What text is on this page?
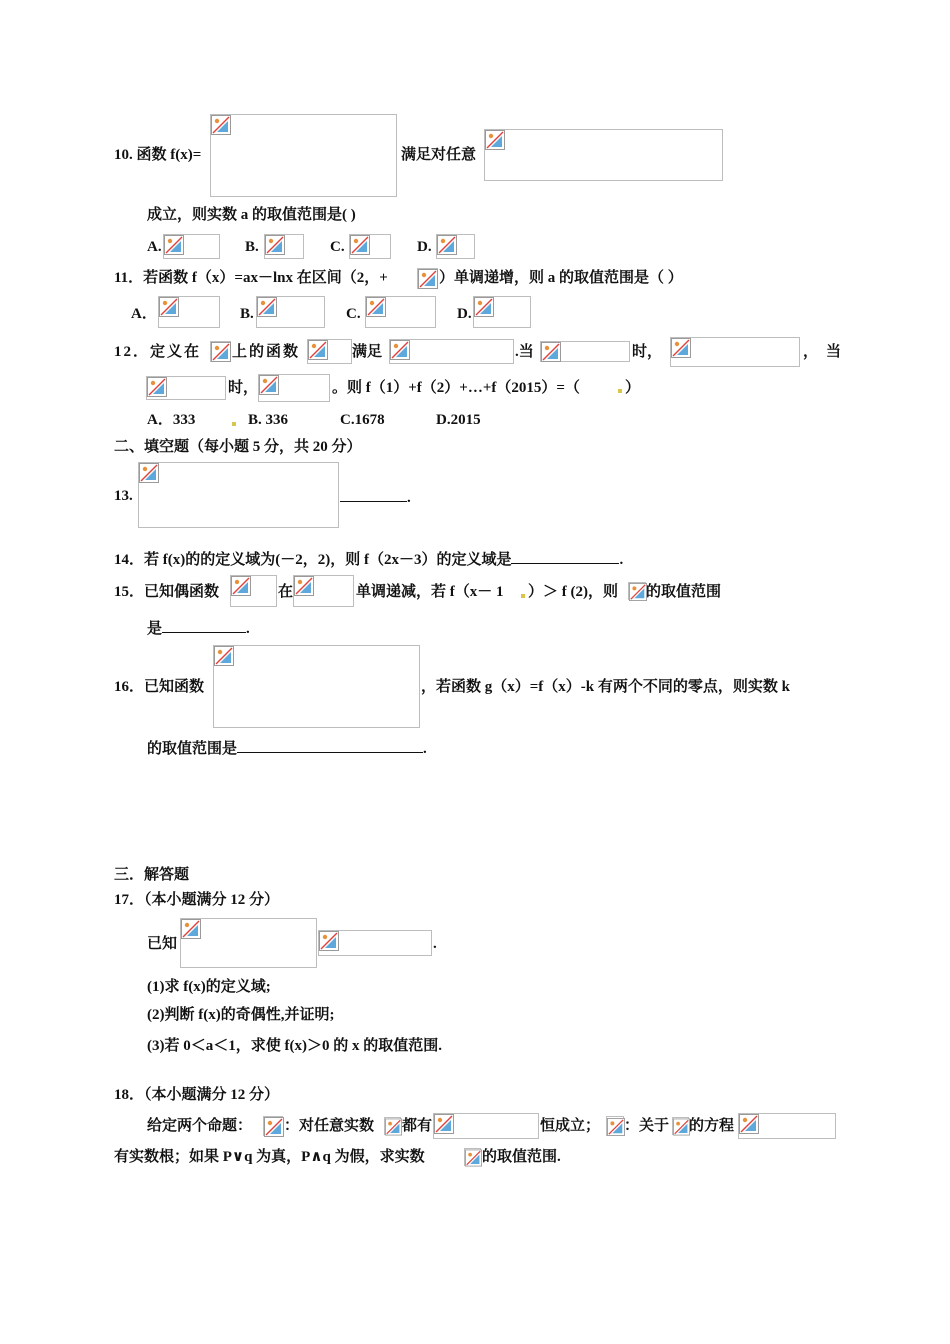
10. 函数 f(x)=	满足对任意
成立，则实数 a 的取值范围是( )
A.	B.	C.	D.
11．若函数 f（x）=ax－lnx 在区间（2，+	）单调递增，则 a 的取值范围是（ ）
A．	B.	C.	D.
12．定义在 上的函数	满足	.当	时，	，当
时，	。则 f（1）+f（2）+…+f（2015）=（	）
A．333	B. 336	C.1678	D.2015
二、填空题（每小题 5 分，共 20 分）
13.	.
14．若 f(x)的的定义域为(－2，2)，则 f（2x－3）的定义域是	.
15．已知偶函数	在	单调递减，若 f（x－ 1 ）＞ f (2)，则 的取值范围
是	.
16．已知函数	，若函数 g（x）=f（x）-k 有两个不同的零点，则实数 k
的取值范围是	.
三．解答题
17．（本小题满分 12 分）
已知	.
(1)求 f(x)的定义域;
(2)判断 f(x)的奇偶性,并证明;
(3)若 0＜a＜1，求使 f(x)＞0 的 x 的取值范围.
18．（本小题满分 12 分）
给定两个命题： ：对任意实数 都有	恒成立； ：关于 的方程
有实数根；如果 P∨q 为真，P∧q 为假，求实数	的取值范围.
